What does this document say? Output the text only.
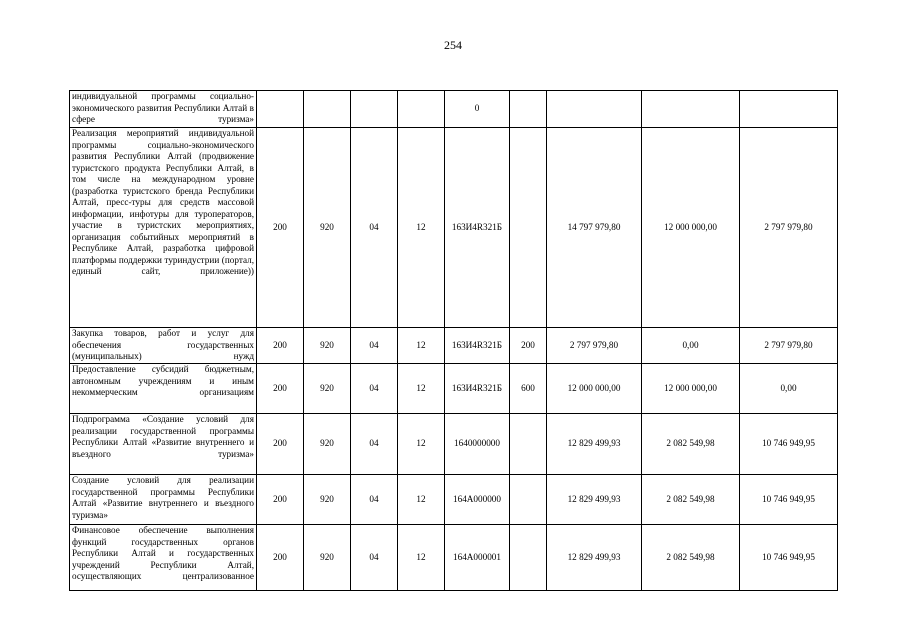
254
индивидуальной программы социально-экономического развития Республики Алтай в сфере туризма»					0				
Реализация мероприятий индивидуальной программы социально-экономического развития Республики Алтай (продвижение туристского продукта Республики Алтай, в том числе на международном уровне (разработка туристского бренда Республики Алтай, пресс-туры для средств массовой информации, инфотуры для туроператоров, участие в туристских мероприятиях, организация событийных мероприятий в Республике Алтай, разработка цифровой платформы поддержки туриндустрии (портал, единый сайт, приложение))	200	920	04	12	163И4R321Б		14 797 979,80	12 000 000,00	2 797 979,80
Закупка товаров, работ и услуг для обеспечения государственных (муниципальных) нужд	200	920	04	12	163И4R321Б	200	2 797 979,80	0,00	2 797 979,80
Предоставление субсидий бюджетным, автономным учреждениям и иным некоммерческим организациям	200	920	04	12	163И4R321Б	600	12 000 000,00	12 000 000,00	0,00
Подпрограмма «Создание условий для реализации государственной программы Республики Алтай «Развитие внутреннего и въездного туризма»	200	920	04	12	1640000000		12 829 499,93	2 082 549,98	10 746 949,95
Создание условий для реализации государственной программы Республики Алтай «Развитие внутреннего и въездного туризма»	200	920	04	12	164А000000		12 829 499,93	2 082 549,98	10 746 949,95
Финансовое обеспечение выполнения функций государственных органов Республики Алтай и государственных учреждений Республики Алтай, осуществляющих централизованное	200	920	04	12	164А000001		12 829 499,93	2 082 549,98	10 746 949,95
